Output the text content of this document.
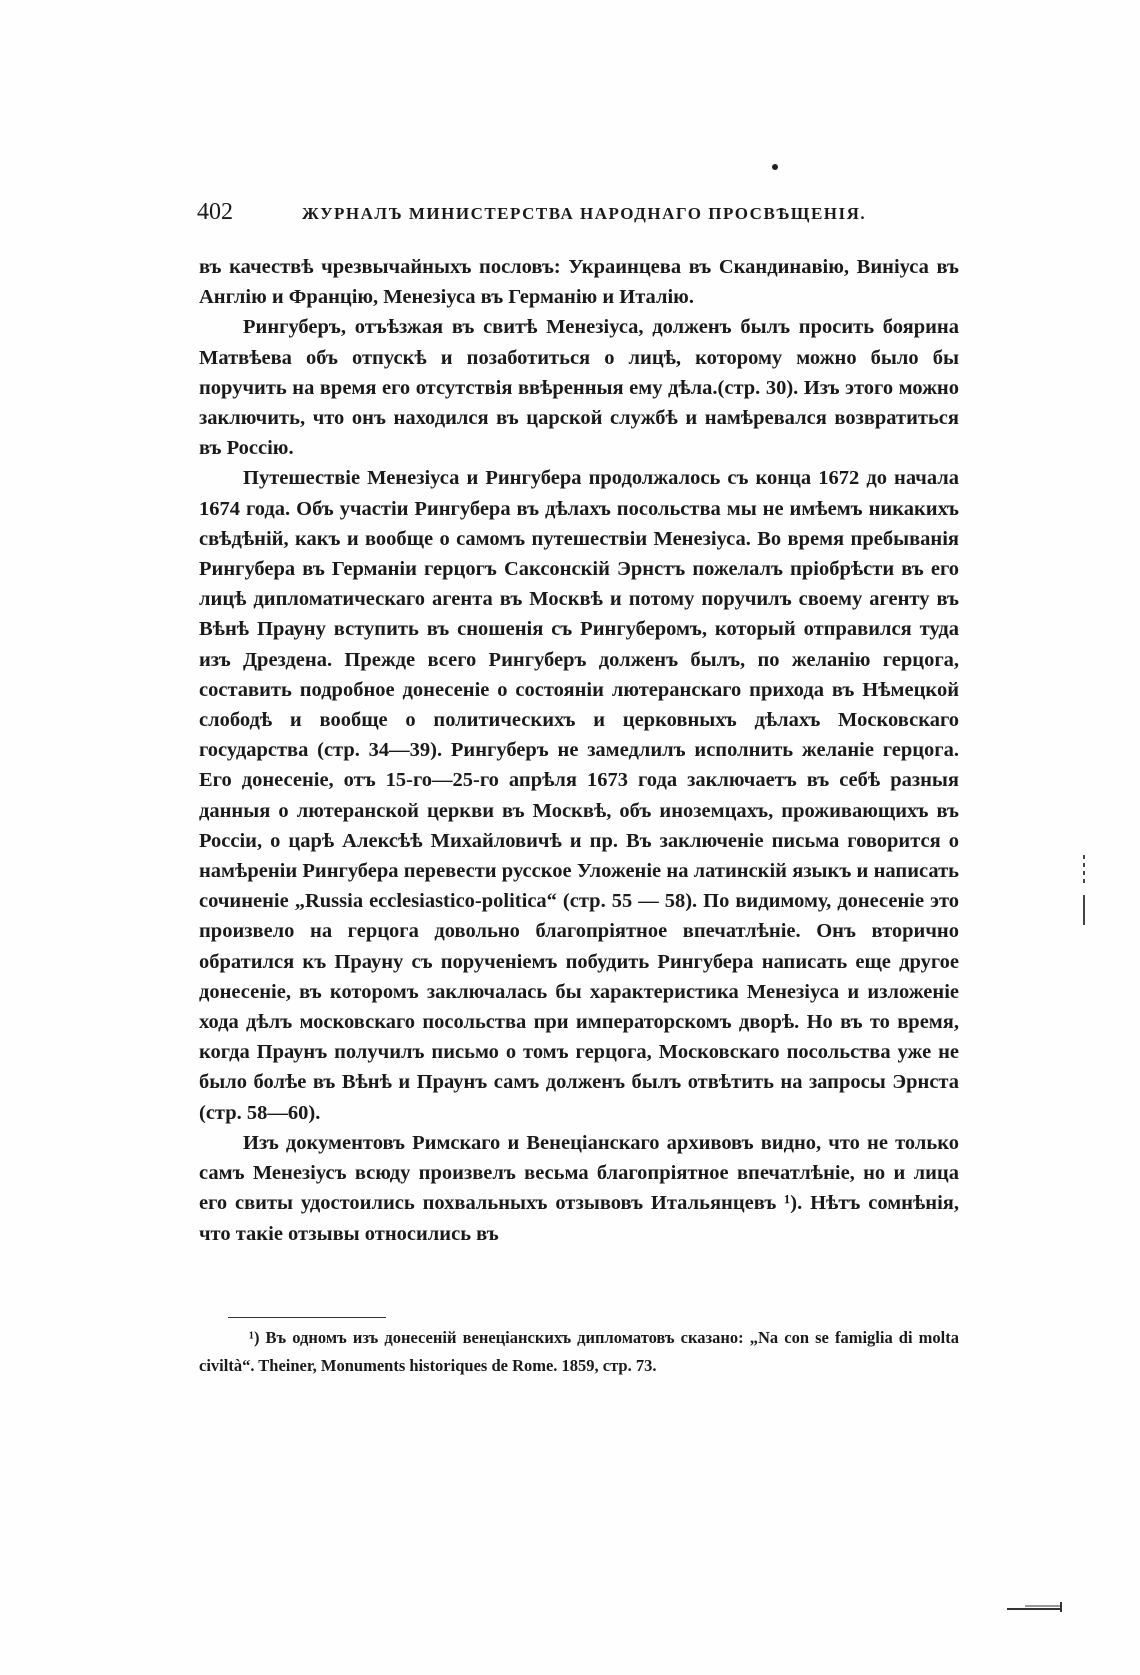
402	ЖУРНАЛЪ МИНИСТЕРСТВА НАРОДНАГО ПРОСВѢЩЕНІЯ.

въ качествѣ чрезвычайныхъ пословъ: Украинцева въ Скандинавію, Винiуса въ Англію и Францію, Менезіуса въ Германію и Италію.

Рингуберъ, отъѣзжая въ свитѣ Менезіуса, долженъ былъ просить боярина Матвѣева объ отпускѣ и позаботиться о лицѣ, которому можно было бы поручить на время его отсутствія ввѣренныя ему дѣла.(стр. 30). Изъ этого можно заключить, что онъ находился въ царской службѣ и намѣревался возвратиться въ Россію.

Путешествіе Менезіуса и Рингубера продолжалось съ конца 1672 до начала 1674 года. Объ участіи Рингубера въ дѣлахъ посольства мы не имѣемъ никакихъ свѣдѣній, какъ и вообще о самомъ путешествіи Менезіуса. Во время пребыванія Рингубера въ Германіи герцогъ Саксонскій Эрнстъ пожелалъ пріобрѣсти въ его лицѣ дипломатическаго агента въ Москвѣ и потому поручилъ своему агенту въ Вѣнѣ Прауну вступить въ сношенія съ Рингуберомъ, который отправился туда изъ Дрездена. Прежде всего Рингуберъ долженъ былъ, по желанію герцога, составить подробное донесеніе о состояніи лютеранскаго прихода въ Нѣмецкой слободѣ и вообще о политическихъ и церковныхъ дѣлахъ Московскаго государства (стр. 34—39). Рингуберъ не замедлилъ исполнить желаніе герцога. Его донесеніе, отъ 15-го—25-го апрѣля 1673 года заключаетъ въ себѣ разныя данныя о лютеранской церкви въ Москвѣ, объ иноземцахъ, проживающихъ въ Россіи, о царѣ Алексѣѣ Михайловичѣ и пр. Въ заключеніе письма говорится о намѣреніи Рингубера перевести русское Уложеніе на латинскій языкъ и написать сочиненіе „Russia ecclesiastico-politica“ (стр. 55 — 58). По видимому, донесеніе это произвело на герцога довольно благопріятное впечатлѣніе. Онъ вторично обратился къ Прауну съ порученіемъ побудить Рингубера написать еще другое донесеніе, въ которомъ заключалась бы характеристика Менезіуса и изложеніе хода дѣлъ московскаго посольства при императорскомъ дворѣ. Но въ то время, когда Праунъ получилъ письмо о томъ герцога, Московскаго посольства уже не было болѣе въ Вѣнѣ и Праунъ самъ долженъ былъ отвѣтить на запросы Эрнста (стр. 58—60).

Изъ документовъ Римскаго и Венеціанскаго архивовъ видно, что не только самъ Менезіусъ всюду произвелъ весьма благопріятное впечатлѣніе, но и лица его свиты удостоились похвальныхъ отзывовъ Итальянцевъ ¹). Нѣтъ сомнѣнія, что такіе отзывы относились въ

¹) Въ одномъ изъ донесеній венеціанскихъ дипломатовъ сказано: „Na con se famiglia di molta civiltà“. Theiner, Monuments historiques de Rome. 1859, стр. 73.
